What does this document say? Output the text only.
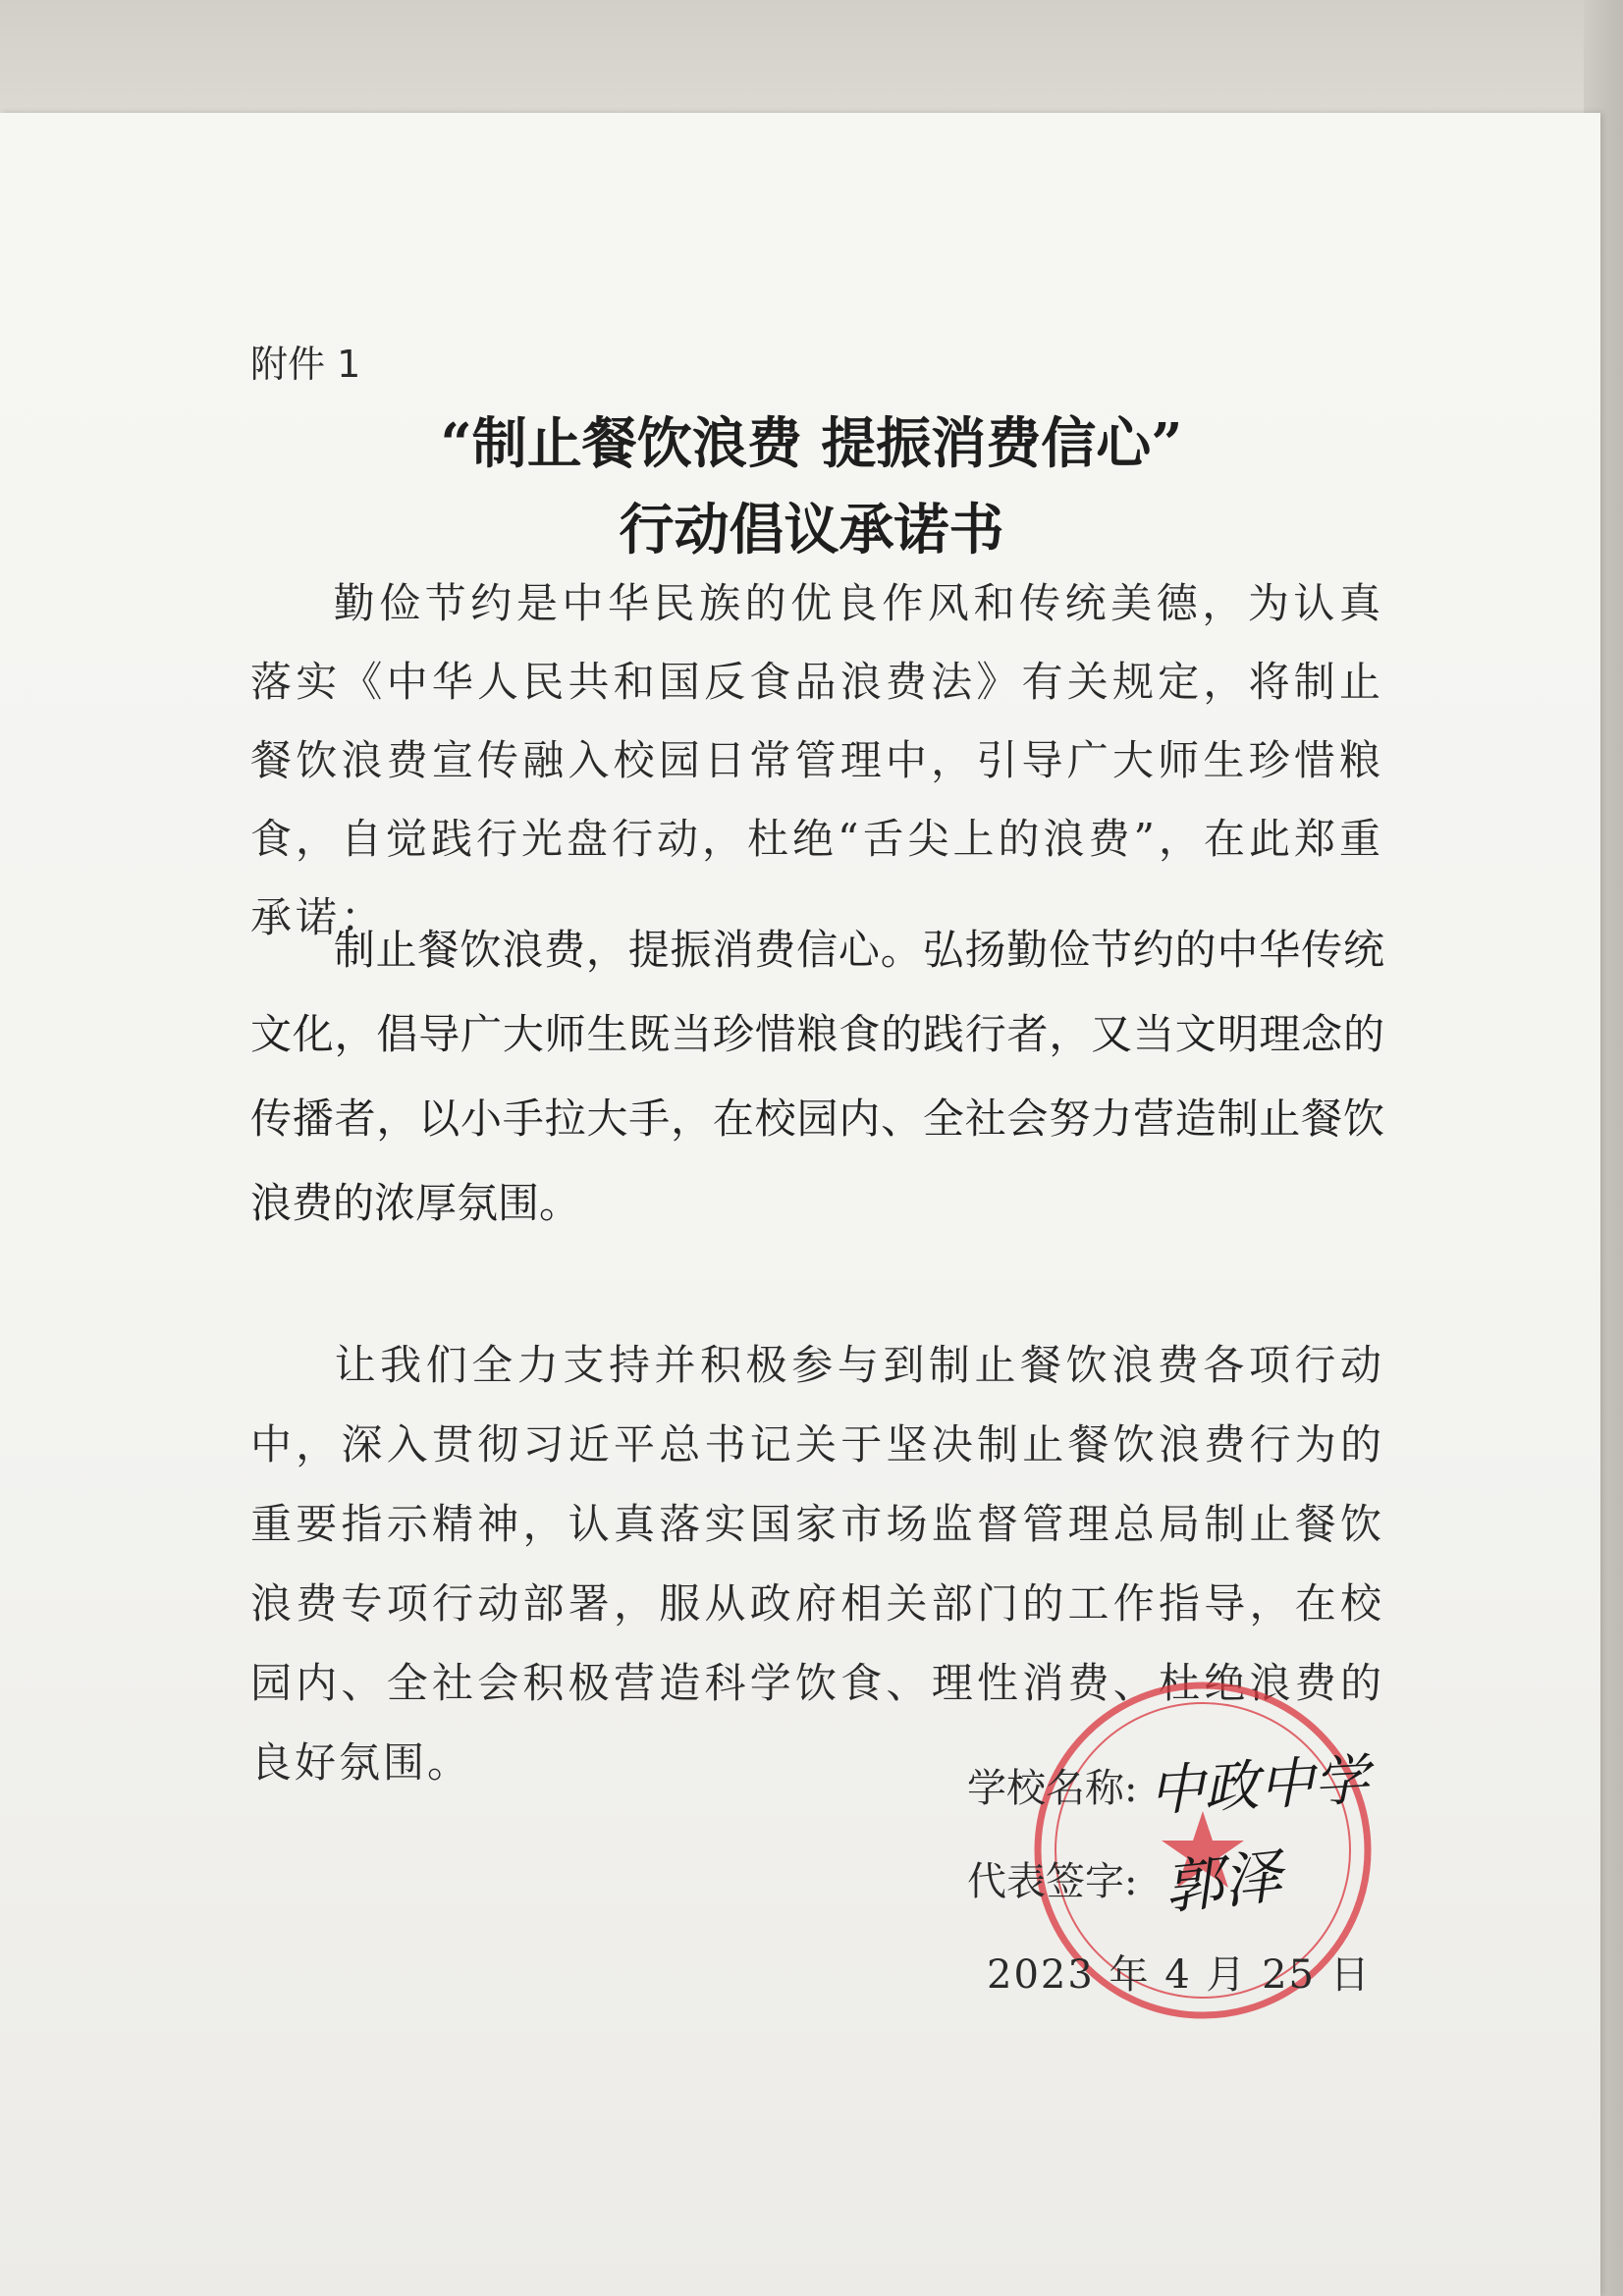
附件 1
“制止餐饮浪费 提振消费信心”
行动倡议承诺书
勤俭节约是中华民族的优良作风和传统美德，为认真落实《中华人民共和国反食品浪费法》有关规定，将制止餐饮浪费宣传融入校园日常管理中，引导广大师生珍惜粮食，自觉践行光盘行动，杜绝“舌尖上的浪费”，在此郑重承诺：
制止餐饮浪费，提振消费信心。弘扬勤俭节约的中华传统文化，倡导广大师生既当珍惜粮食的践行者，又当文明理念的传播者，以小手拉大手，在校园内、全社会努力营造制止餐饮浪费的浓厚氛围。
让我们全力支持并积极参与到制止餐饮浪费各项行动中，深入贯彻习近平总书记关于坚决制止餐饮浪费行为的重要指示精神，认真落实国家市场监督管理总局制止餐饮浪费专项行动部署，服从政府相关部门的工作指导，在校园内、全社会积极营造科学饮食、理性消费、杜绝浪费的良好氛围。
学校名称: 中政中学
代表签字: 郭泽
2023 年 4 月 25 日
